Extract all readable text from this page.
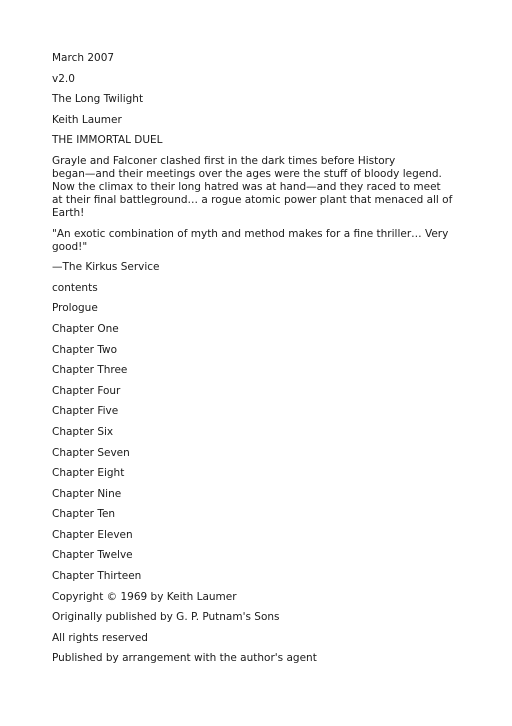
March 2007

v2.0

The Long Twilight

Keith Laumer

THE IMMORTAL DUEL

Grayle and Falconer clashed first in the dark times before History
began—and their meetings over the ages were the stuff of bloody legend.
Now the climax to their long hatred was at hand—and they raced to meet
at their final battleground… a rogue atomic power plant that menaced all of
Earth!

"An exotic combination of myth and method makes for a fine thriller… Very
good!"

—The Kirkus Service

contents

Prologue

Chapter One

Chapter Two

Chapter Three

Chapter Four

Chapter Five

Chapter Six

Chapter Seven

Chapter Eight

Chapter Nine

Chapter Ten

Chapter Eleven

Chapter Twelve

Chapter Thirteen

Copyright © 1969 by Keith Laumer

Originally published by G. P. Putnam's Sons

All rights reserved

Published by arrangement with the author's agent
